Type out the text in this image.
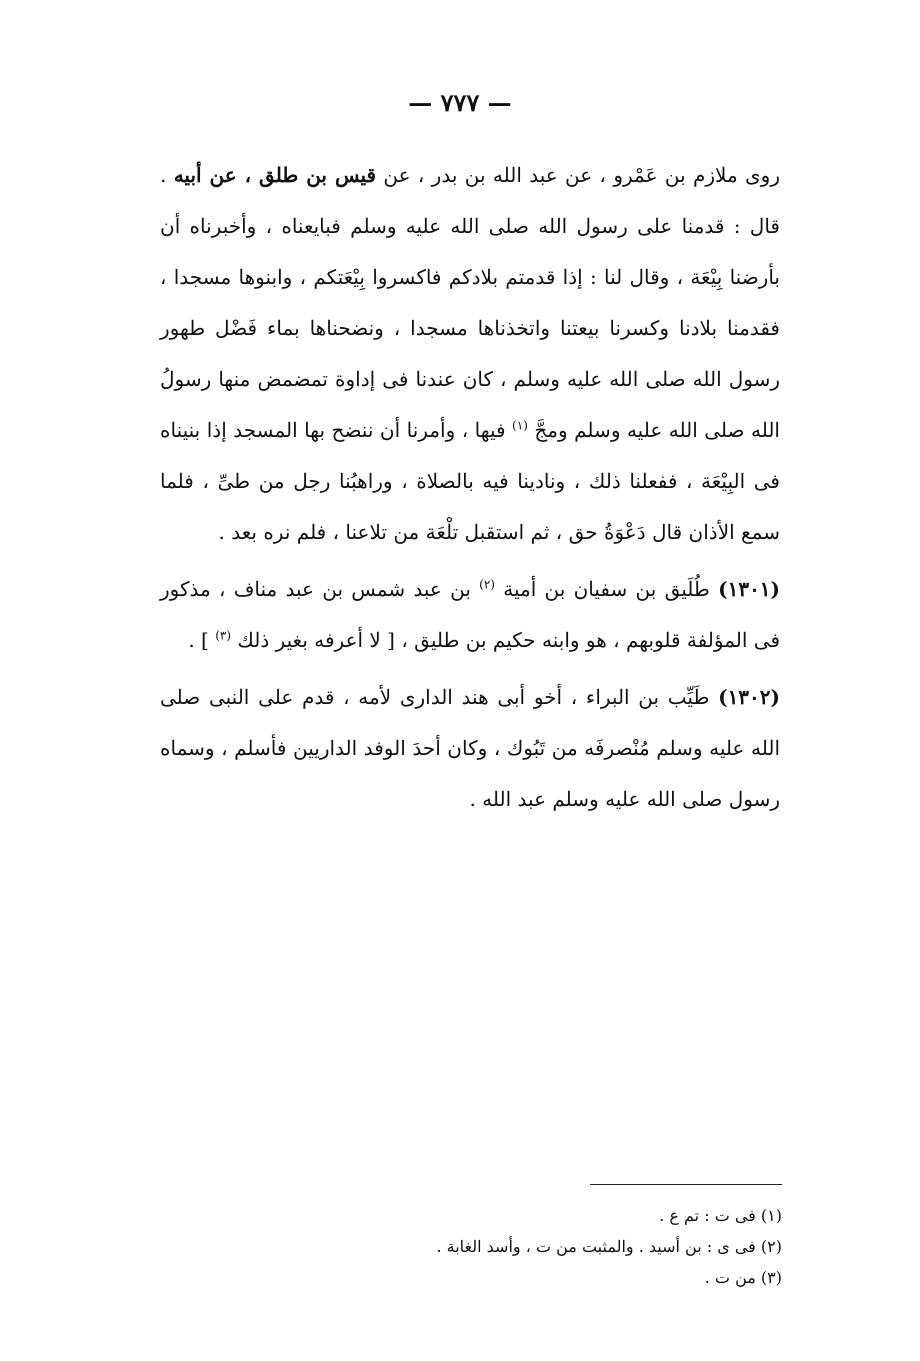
— ٧٧٧ —

روى ملازم بن عَمْرو ، عن عبد الله بن بدر ، عن قيس بن طلق ، عن أبيه . قال : قدمنا على رسول الله صلى الله عليه وسلم فبايعناه ، وأخبرناه أن بأرضنا بِيْعَة ، وقال لنا : إذا قدمتم بلادكم فاكسروا بِيْعَتكم ، وابنوها مسجدا ، فقدمنا بلادنا وكسرنا بيعتنا واتخذناها مسجدا ، ونضحناها بماء فَضْل طهور رسول الله صلى الله عليه وسلم ، كان عندنا فى إداوة تمضمض منها رسولُ الله صلى الله عليه وسلم ومجَّ $^{(١)}$ فيها ، وأمرنا أن ننضح بها المسجد إذا بنيناه فى البِيْعَة ، ففعلنا ذلك ، ونادينا فيه بالصلاة ، وراهبُنا رجل من طىِّ ، فلما سمع الأذان قال دَعْوَةُ حق ، ثم استقبل تلْعَة من تلاعنا ، فلم نره بعد .

(١٣٠١) طُلَيق بن سفيان بن أمية $^{(٢)}$ بن عبد شمس بن عبد مناف ، مذكور فى المؤلفة قلوبهم ، هو وابنه حكيم بن طليق ، [ لا أعرفه بغير ذلك $^{(٣)}$ ] .

(١٣٠٢) طَيِّب بن البراء ، أخو أبى هند الدارى لأمه ، قدم على النبى صلى الله عليه وسلم مُنْصرفَه من تَبُوك ، وكان أحدَ الوفد الداريين فأسلم ، وسماه رسول صلى الله عليه وسلم عبد الله .

(١) فى ت : تم ع .
(٢) فى ى : بن أسيد . والمثبت من ت ، وأسد الغابة .
(٣) من ت .
